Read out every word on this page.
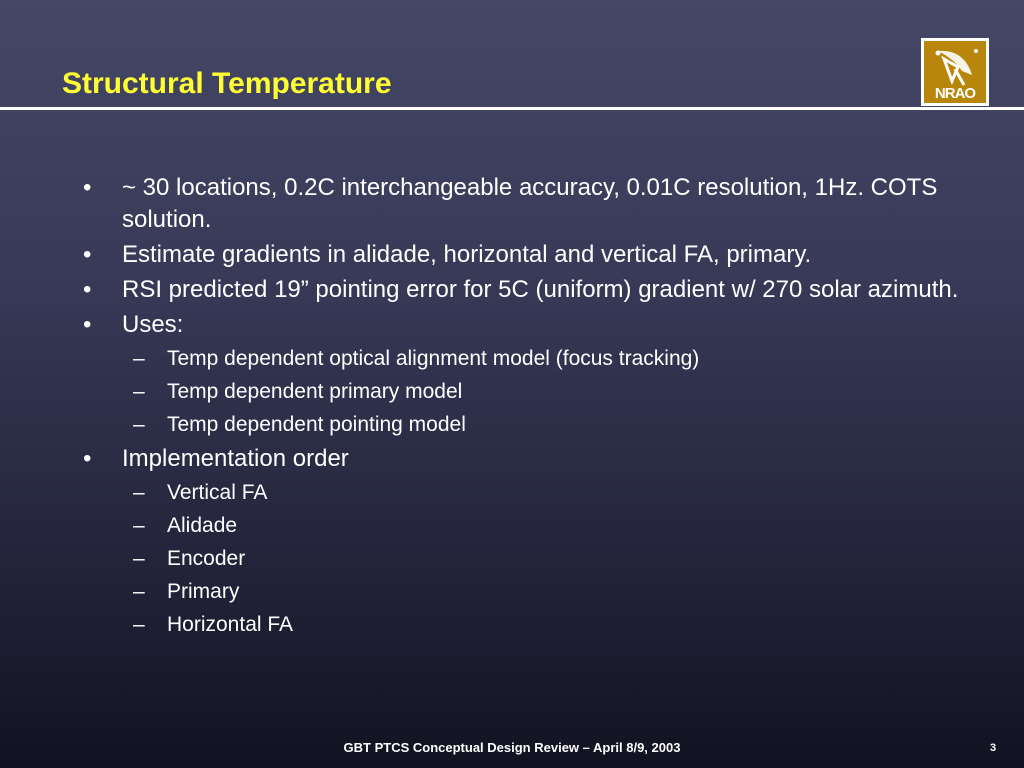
Structural Temperature	NRAO
• ~ 30 locations, 0.2C interchangeable accuracy, 0.01C resolution, 1Hz. COTS solution.
• Estimate gradients in alidade, horizontal and vertical FA, primary.
• RSI predicted 19” pointing error for 5C (uniform) gradient w/ 270 solar azimuth.
• Uses:
–	Temp dependent optical alignment model (focus tracking)
–	Temp dependent primary model
–	Temp dependent pointing model
• Implementation order
–	Vertical FA
–	Alidade
–	Encoder
–	Primary
–	Horizontal FA
GBT PTCS Conceptual Design Review – April 8/9, 2003	3
